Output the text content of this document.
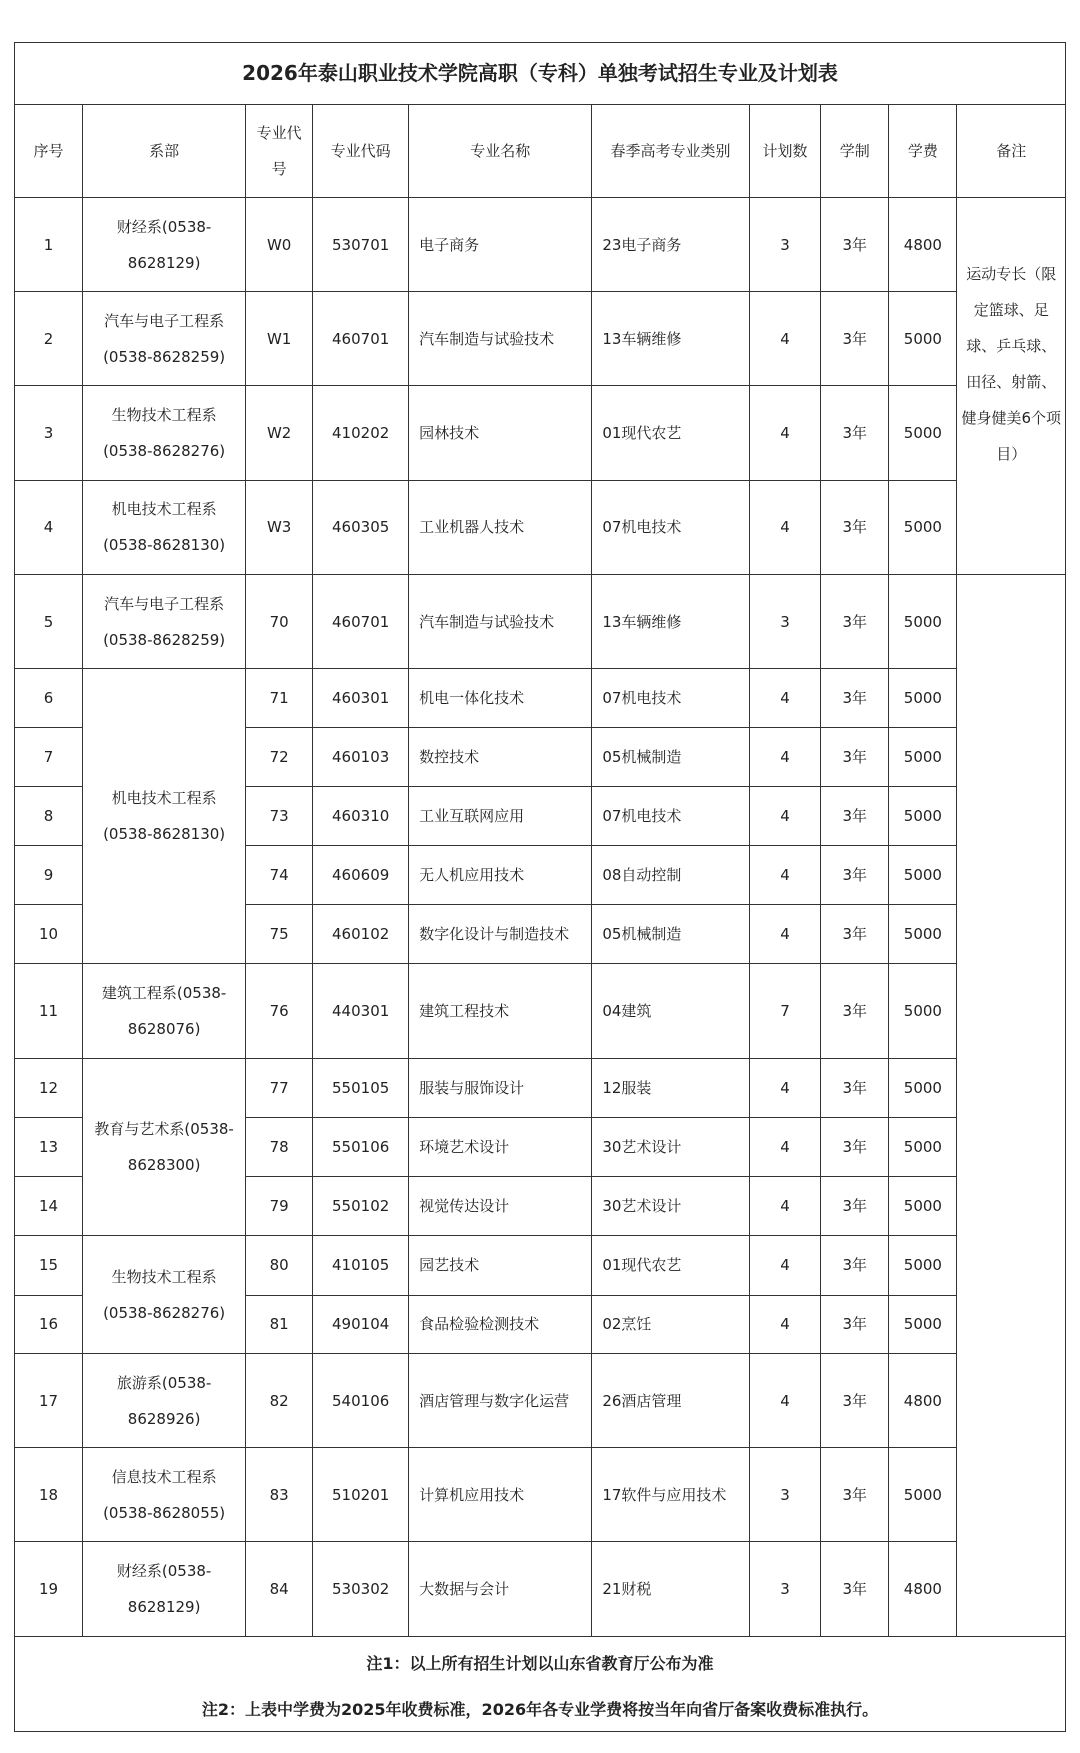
2026年泰山职业技术学院高职（专科）单独考试招生专业及计划表									
序号	系部	专业代号	专业代码	专业名称	春季高考专业类别	计划数	学制	学费	备注
1	财经系(0538-8628129)	W0	530701	电子商务	23电子商务	3	3年	4800	运动专长（限定篮球、足球、乒乓球、田径、射箭、健身健美6个项目）
2	汽车与电子工程系(0538-8628259)	W1	460701	汽车制造与试验技术	13车辆维修	4	3年	5000	
3	生物技术工程系(0538-8628276)	W2	410202	园林技术	01现代农艺	4	3年	5000	
4	机电技术工程系(0538-8628130)	W3	460305	工业机器人技术	07机电技术	4	3年	5000	
5	汽车与电子工程系(0538-8628259)	70	460701	汽车制造与试验技术	13车辆维修	3	3年	5000	
6	机电技术工程系(0538-8628130)	71	460301	机电一体化技术	07机电技术	4	3年	5000	
7		72	460103	数控技术	05机械制造	4	3年	5000	
8		73	460310	工业互联网应用	07机电技术	4	3年	5000	
9		74	460609	无人机应用技术	08自动控制	4	3年	5000	
10		75	460102	数字化设计与制造技术	05机械制造	4	3年	5000	
11	建筑工程系(0538-8628076)	76	440301	建筑工程技术	04建筑	7	3年	5000	
12	教育与艺术系(0538-8628300)	77	550105	服装与服饰设计	12服装	4	3年	5000	
13		78	550106	环境艺术设计	30艺术设计	4	3年	5000	
14		79	550102	视觉传达设计	30艺术设计	4	3年	5000	
15	生物技术工程系(0538-8628276)	80	410105	园艺技术	01现代农艺	4	3年	5000	
16		81	490104	食品检验检测技术	02烹饪	4	3年	5000	
17	旅游系(0538-8628926)	82	540106	酒店管理与数字化运营	26酒店管理	4	3年	4800	
18	信息技术工程系(0538-8628055)	83	510201	计算机应用技术	17软件与应用技术	3	3年	5000	
19	财经系(0538-8628129)	84	530302	大数据与会计	21财税	3	3年	4800	

注1：以上所有招生计划以山东省教育厅公布为准
注2：上表中学费为2025年收费标准，2026年各专业学费将按当年向省厅备案收费标准执行。									
